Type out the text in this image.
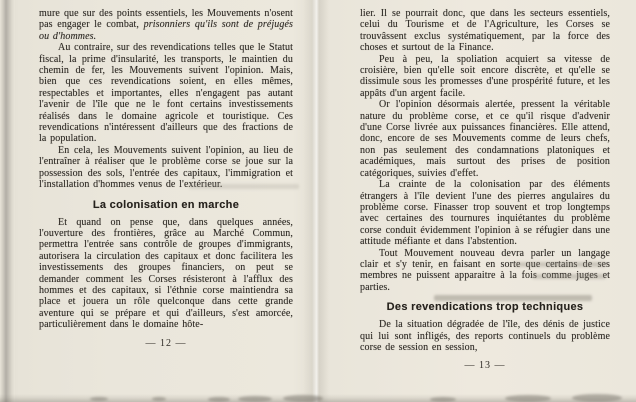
mure que sur des points essentiels, les Mouvements n'osent pas engager le combat, prisonniers qu'ils sont de préjugés ou d'hommes.

Au contraire, sur des revendications telles que le Statut fiscal, la prime d'insularité, les transports, le maintien du chemin de fer, les Mouvements suivent l'opinion. Mais, bien que ces revendications soient, en elles mêmes, respectables et importantes, elles n'engagent pas autant l'avenir de l'île que ne le font certains investissements réalisés dans le domaine agricole et touristique. Ces revendications n'intéressent d'ailleurs que des fractions de la population.

En cela, les Mouvements suivent l'opinion, au lieu de l'entraîner à réaliser que le problème corse se joue sur la possession des sols, l'entrée des capitaux, l'immigration et l'installation d'hommes venus de l'extérieur.

La colonisation en marche

Et quand on pense que, dans quelques années, l'ouverture des frontières, grâce au Marché Commun, permettra l'entrée sans contrôle de groupes d'immigrants, autorisera la circulation des capitaux et donc facilitera les investissements des groupes financiers, on peut se demander comment les Corses résisteront à l'afflux des hommes et des capitaux, si l'éthnie corse maintiendra sa place et jouera un rôle quelconque dans cette grande aventure qui se prépare et qui d'ailleurs, s'est amorcée, particulièrement dans le domaine hôte-

— 12 —

lier. Il se pourrait donc, que dans les secteurs essentiels, celui du Tourisme et de l'Agriculture, les Corses se trouvâssent exclus systématiquement, par la force des choses et surtout de la Finance.

Peu à peu, la spoliation acquiert sa vitesse de croisière, bien qu'elle soit encore discrète, et qu'elle se dissimule sous les promesses d'une prospérité future, et les appâts d'un argent facile.

Or l'opinion désormais alertée, pressent la véritable nature du problème corse, et ce qu'il risque d'advenir d'une Corse livrée aux puissances financières. Elle attend, donc, encore de ses Mouvements comme de leurs chefs, non pas seulement des condamnations platoniques et académiques, mais surtout des prises de position catégoriques, suivies d'effet.

La crainte de la colonisation par des éléments étrangers à l'île devient l'une des pierres angulaires du problème corse. Finasser trop souvent et trop longtemps avec certaines des tournures inquiétantes du problème corse conduit évidemment l'opinion à se réfugier dans une attitude méfiante et dans l'abstention.

Tout Mouvement nouveau devra parler un langage clair et s'y tenir, en faisant en sorte que certains de ses membres ne puissent apparaitre à la fois comme juges et parties.

Des revendications trop techniques

De la situation dégradée de l'île, des dénis de justice qui lui sont infligés, des reports continuels du problème corse de session en session,

— 13 —
